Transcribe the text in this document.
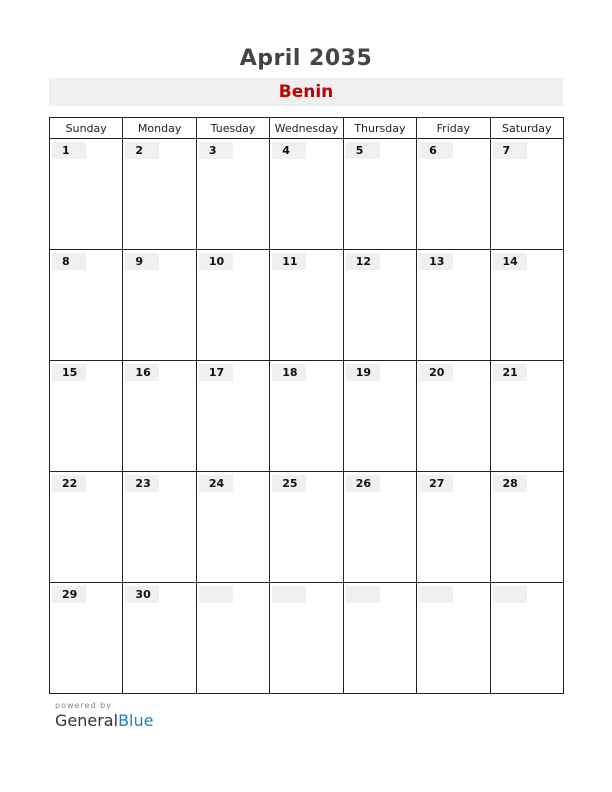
April 2035
Benin
Sunday	Monday	Tuesday	Wednesday	Thursday	Friday	Saturday

1	2	3	4	5	6	7

8	9	10	11	12	13	14

15	16	17	18	19	20	21

22	23	24	25	26	27	28

29	30					

powered by
GeneralBlue
